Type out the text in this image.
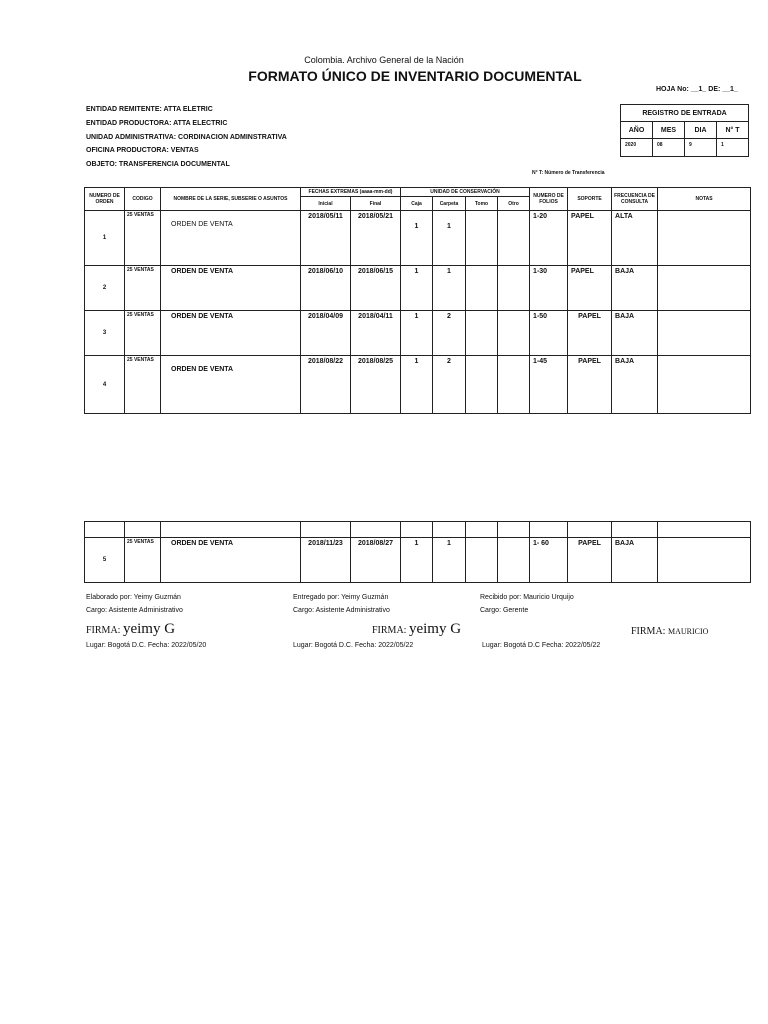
Colombia. Archivo General de la Nación
FORMATO ÚNICO DE INVENTARIO DOCUMENTAL
HOJA No: __1_ DE: __1_
ENTIDAD REMITENTE: ATTA ELETRIC
ENTIDAD PRODUCTORA: ATTA ELECTRIC
UNIDAD ADMINISTRATIVA: CORDINACION ADMINSTRATIVA
OFICINA PRODUCTORA: VENTAS
OBJETO: TRANSFERENCIA DOCUMENTAL
N° T: Número de Transferencia
REGISTRO DE ENTRADA			
AÑO	MES	DIA	N° T
2020	08	9	1
NUMERO DE ORDEN	CODIGO	NOMBRE DE LA SERIE, SUBSERIE O ASUNTOS	FECHAS EXTREMAS (aaaa-mm-dd)		UNIDAD DE CONSERVACIÓN				NUMERO DE FOLIOS	SOPORTE	FRECUENCIA DE CONSULTA	NOTAS
			Inicial	Final	Caja	Carpeta	Tomo	Otro				
1	25 VENTAS	ORDEN DE VENTA	2018/05/11	2018/05/21	1	1			1-20	PAPEL	ALTA	
2	25 VENTAS	ORDEN DE VENTA	2018/06/10	2018/06/15	1	1			1-30	PAPEL	BAJA	
3	25 VENTAS	ORDEN DE VENTA	2018/04/09	2018/04/11	1	2			1-50	PAPEL	BAJA	
4	25 VENTAS	ORDEN DE VENTA	2018/08/22	2018/08/25	1	2			1-45	PAPEL	BAJA	

5	25 VENTAS	ORDEN DE VENTA	2018/11/23	2018/08/27	1	1			1- 60	PAPEL	BAJA	
Elaborado por: Yeimy Guzmán
Cargo: Asistente Administrativo
FIRMA: yeimy G
Lugar: Bogotá D.C. Fecha: 2022/05/20
Entregado por: Yeimy Guzmán
Cargo: Asistente Administrativo
FIRMA: yeimy G
Lugar: Bogotá D.C. Fecha: 2022/05/22
Recibido por: Mauricio Urquijo
Cargo: Gerente
FIRMA: MAURICIO
Lugar: Bogotá D.C Fecha: 2022/05/22
